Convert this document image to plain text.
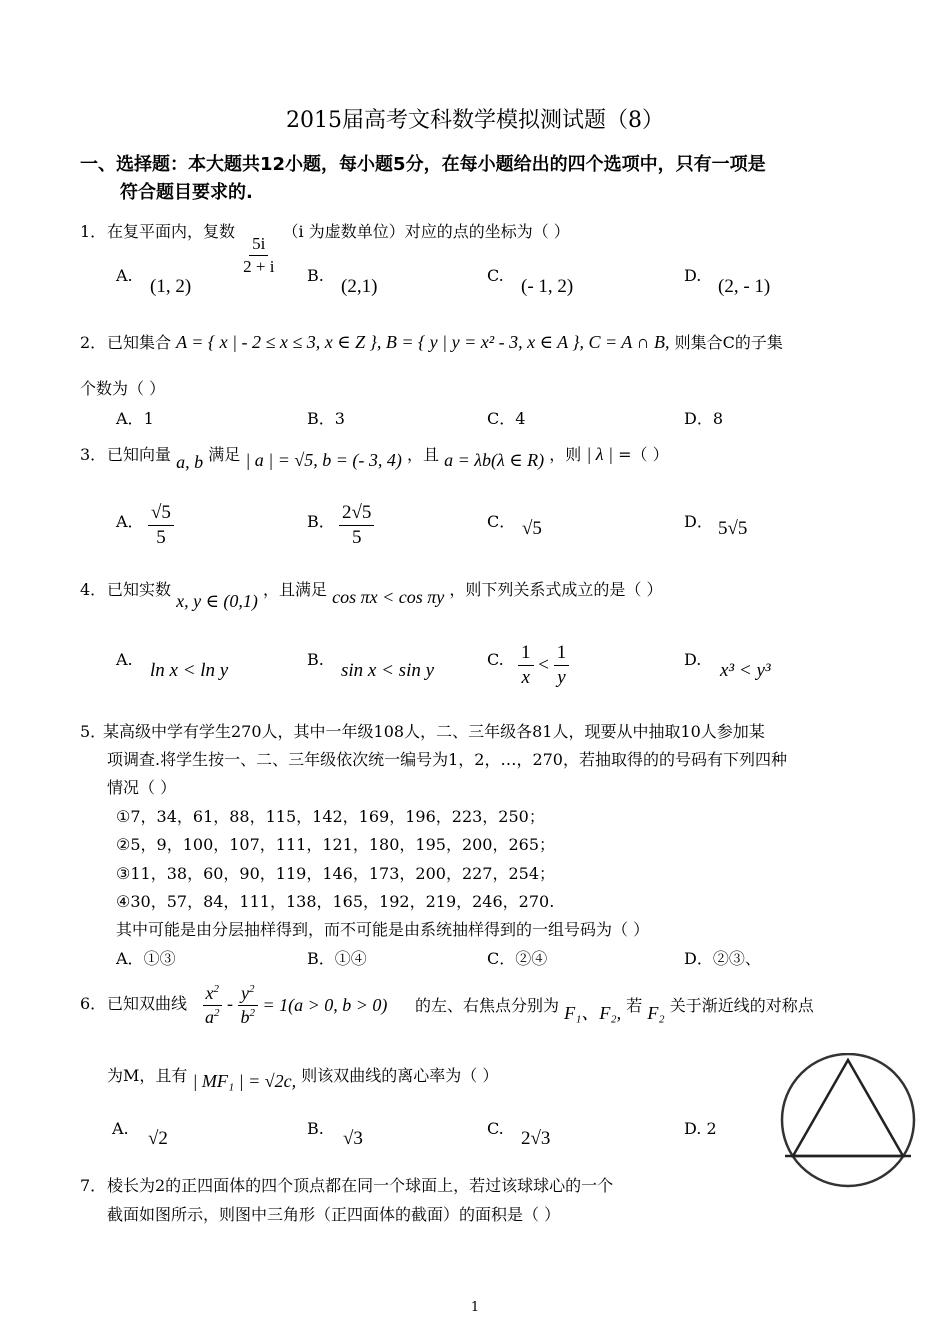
2015届高考文科数学模拟测试题（8）
一、选择题：本大题共12小题，每小题5分，在每小题给出的四个选项中，只有一项是
符合题目要求的.
1． 在复平面内，复数
$\frac{5i}{2 + i}$
（i 为虚数单位）对应的点的坐标为（ ）
A.
(1, 2)
B.
(2,1)
C.
(- 1, 2)
D.
(2, - 1)
2． 已知集合 A = { x | - 2 ≤ x ≤ 3, x ∈ Z }, B = { y | y = x² - 3, x ∈ A }, C = A ∩ B, 则集合C的子集
个数为（ ）
A．1	B．3	C．4	D．8
3． 已知向量 a, b 满足 | a | = √5, b = (- 3, 4) ，且 a = λb(λ ∈ R) ，则 | λ | =（ ）
A． $\frac{√5}{5}$	B． $\frac{2√5}{5}$	C． √5	D． 5√5
4． 已知实数 x, y ∈ (0,1) ，且满足 cos πx < cos πy ，则下列关系式成立的是（ ）
A.
ln x < ln y
B.
sin x < sin y
C. $\frac{1}{x} < \frac{1}{y}$	D.
x³ < y³
5．
某高级中学有学生270人，其中一年级108人，二、三年级各81人，现要从中抽取10人参加某
项调查.将学生按一、二、三年级依次统一编号为1，2，…，270，若抽取得的的号码有下列四种
情况（ ）
①7，34，61，88，115，142，169，196，223，250；
②5，9，100，107，111，121，180，195，200，265；
③11，38，60，90，119，146，173，200，227，254；
④30，57，84，111，138，165，192，219，246，270.
其中可能是由分层抽样得到，而不可能是由系统抽样得到的一组号码为（ ）
A．①③	B．①④	C．②④	D．②③、
6． 已知双曲线 $\frac{x^2}{a^2} - \frac{y^2}{b^2} = 1(a > 0$, b > 0) 的左、右焦点分别为 F₁、F₂, 若 F₂ 关于渐近线的对称点
为M，且有 | MF₁ | = √2c, 则该双曲线的离心率为（ ）
A. √2	B. √3	C. 2√3	D. 2
7． 棱长为2的正四面体的四个顶点都在同一个球面上，若过该球球心的一个
截面如图所示，则图中三角形（正四面体的截面）的面积是（ ）
1
